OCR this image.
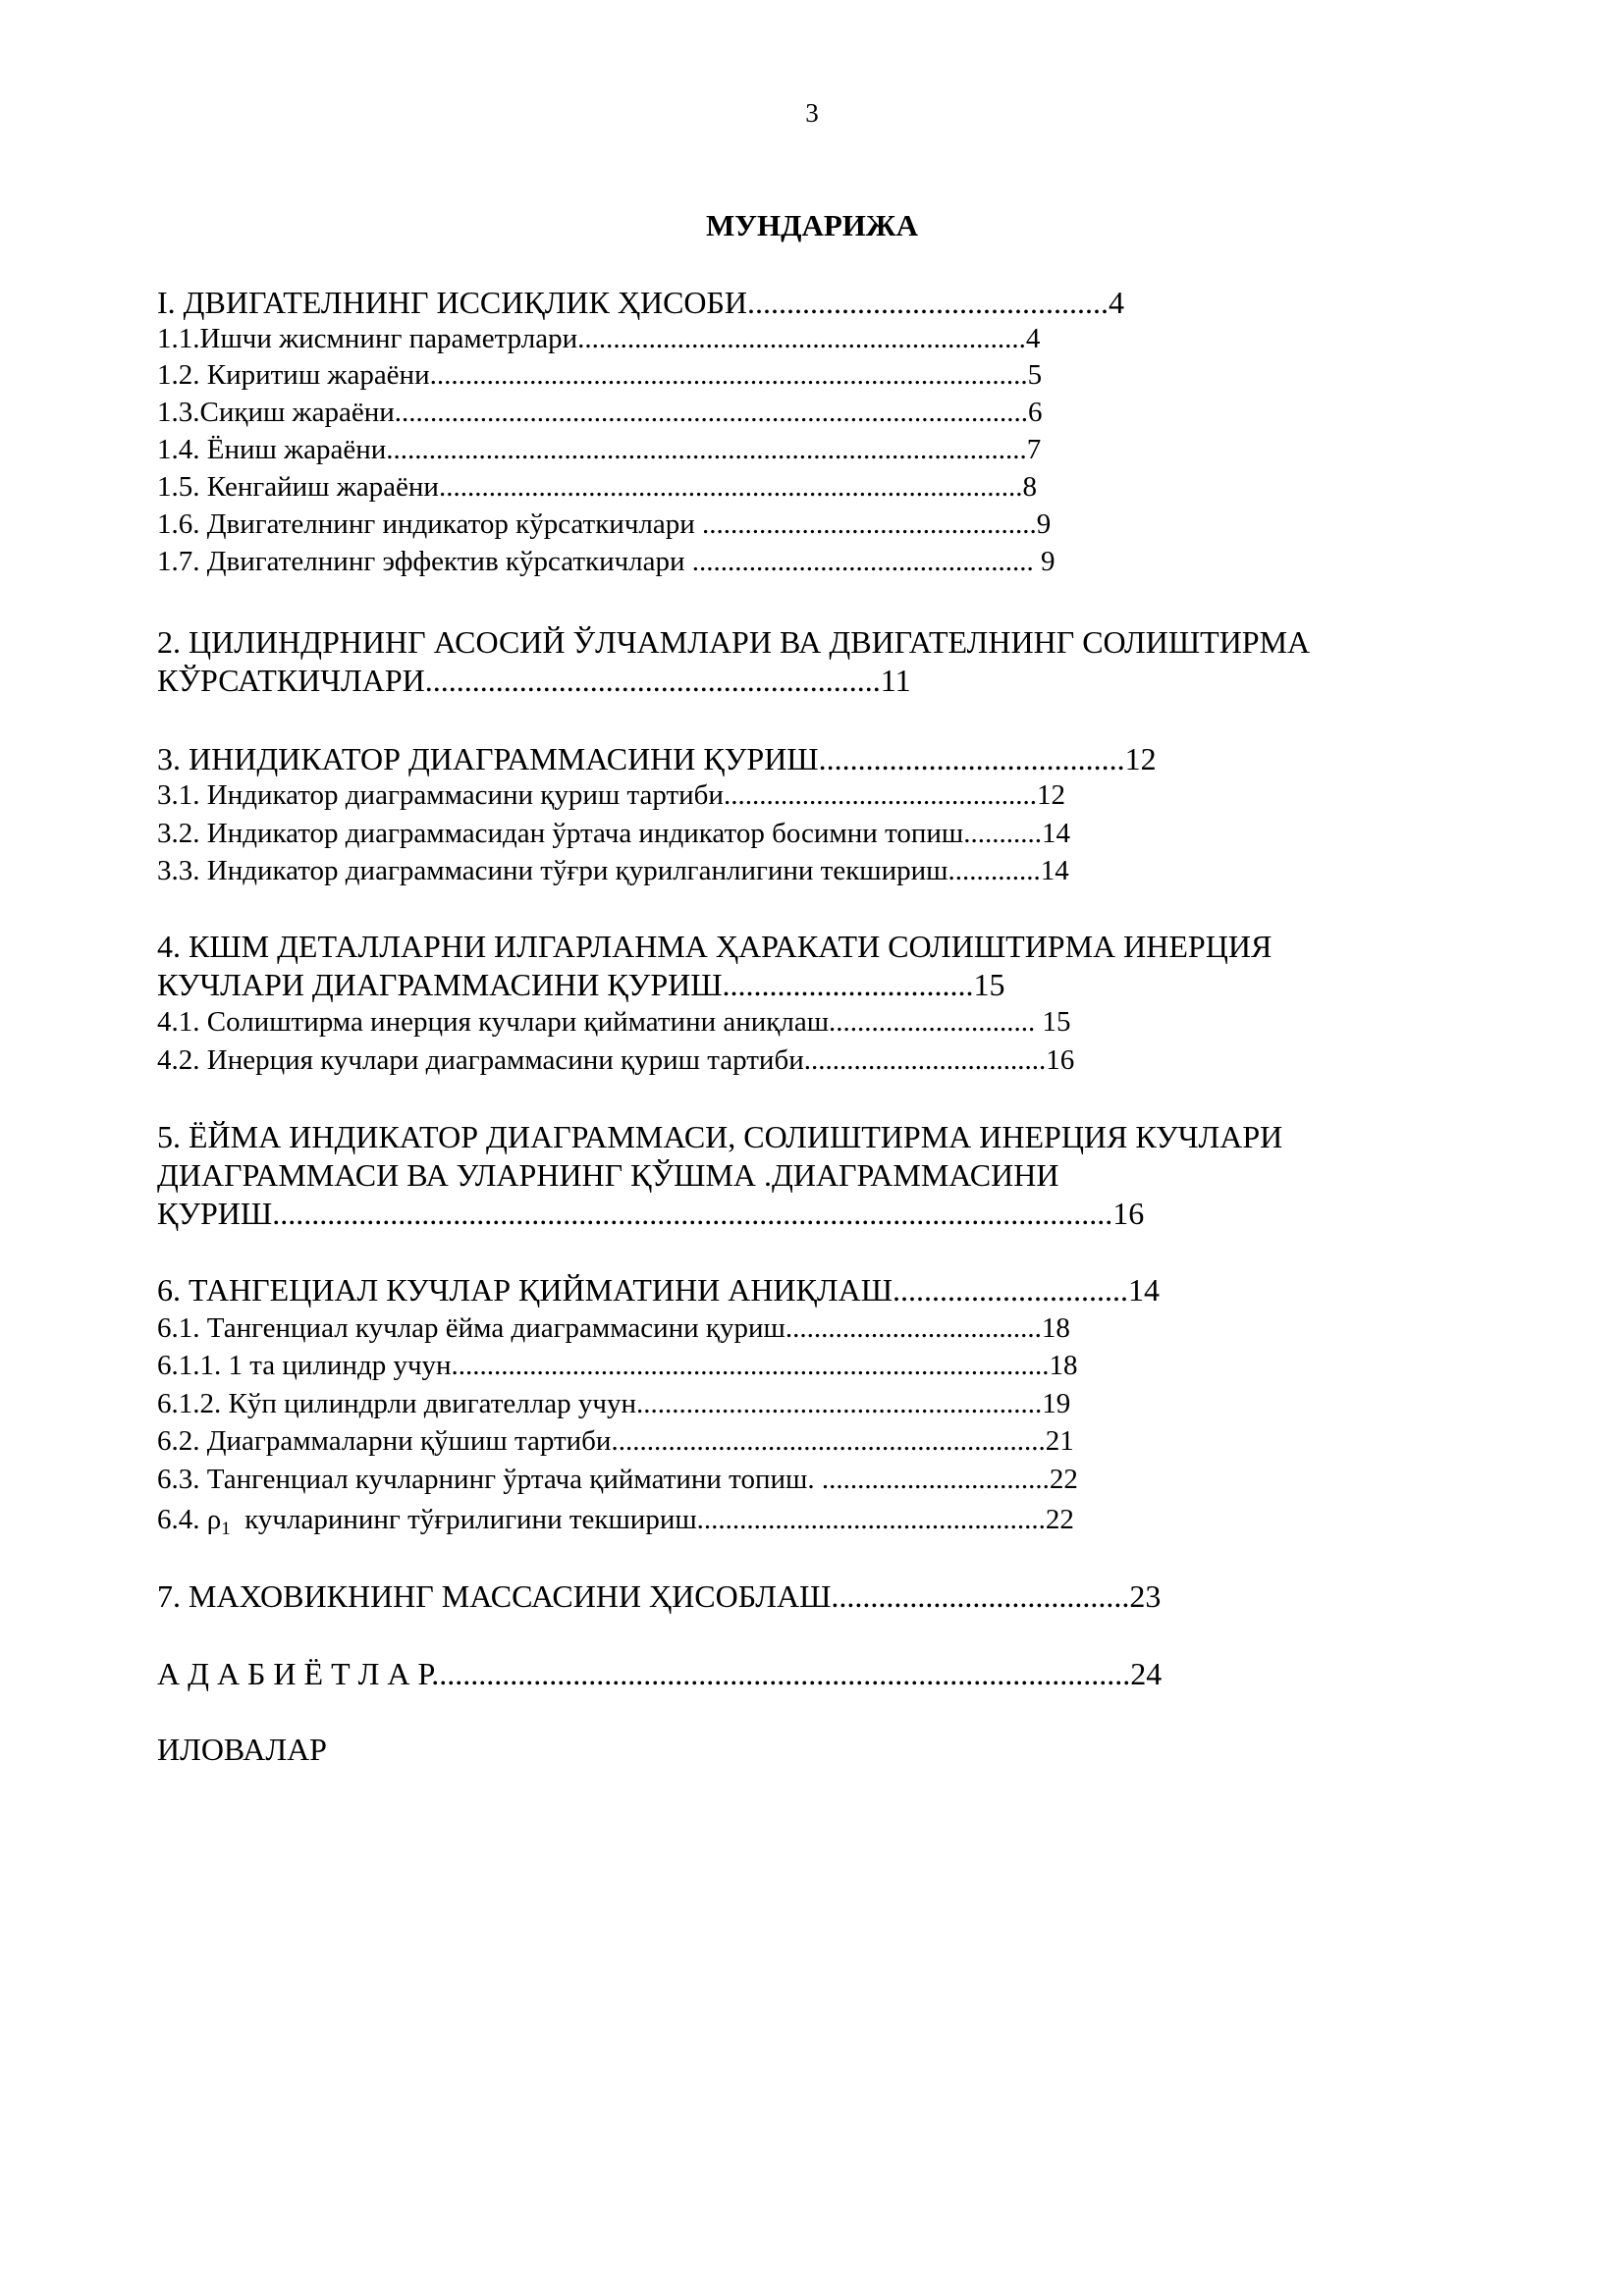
3
МУНДАРИЖА
I. ДВИГАТЕЛНИНГ ИССИҚЛИК ҲИСОБИ..............................................4
1.1.Ишчи жисмнинг параметрлари...............................................................4
1.2. Киритиш жараёни....................................................................................5
1.3.Сиқиш жараёни.........................................................................................6
1.4. Ёниш жараёни..........................................................................................7
1.5. Кенгайиш жараёни..................................................................................8
1.6. Двигателнинг индикатор кўрсаткичлари ...............................................9
1.7. Двигателнинг эффектив кўрсаткичлари ................................................ 9
2. ЦИЛИНДРНИНГ АСОСИЙ ЎЛЧАМЛАРИ ВА ДВИГАТЕЛНИНГ СОЛИШТИРМА
КЎРСАТКИЧЛАРИ..........................................................11
3. ИНИДИКАТОР ДИАГРАММАСИНИ ҚУРИШ.......................................12
3.1. Индикатор диаграммасини қуриш тартиби............................................12
3.2. Индикатор диаграммасидан ўртача индикатор босимни топиш...........14
3.3. Индикатор диаграммасини тўғри қурилганлигини текшириш.............14
4. КШМ ДЕТАЛЛАРНИ ИЛГАРЛАНМА ҲАРАКАТИ СОЛИШТИРМА ИНЕРЦИЯ
КУЧЛАРИ ДИАГРАММАСИНИ ҚУРИШ................................15
4.1. Солиштирма инерция кучлари қийматини аниқлаш............................. 15
4.2. Инерция кучлари диаграммасини қуриш тартиби..................................16
5. ЁЙМА ИНДИКАТОР ДИАГРАММАСИ, СОЛИШТИРМА ИНЕРЦИЯ КУЧЛАРИ
ДИАГРАММАСИ ВА УЛАРНИНГ ҚЎШМА .ДИАГРАММАСИНИ
ҚУРИШ...........................................................................................................16
6. ТАНГЕЦИАЛ КУЧЛАР ҚИЙМАТИНИ АНИҚЛАШ..............................14
6.1. Тангенциал кучлар ёйма диаграммасини қуриш....................................18
6.1.1. 1 та цилиндр учун....................................................................................18
6.1.2. Кўп цилиндрли двигателлар учун.........................................................19
6.2. Диаграммаларни қўшиш тартиби.............................................................21
6.3. Тангенциал кучларнинг ўртача қийматини топиш. ................................22
6.4. $\rho_1$  кучларининг тўғрилигини текшириш.................................................22
7. МАХОВИКНИНГ МАССАСИНИ ҲИСОБЛАШ......................................23
А Д А Б И Ё Т Л А Р.........................................................................................24
ИЛОВАЛАР
